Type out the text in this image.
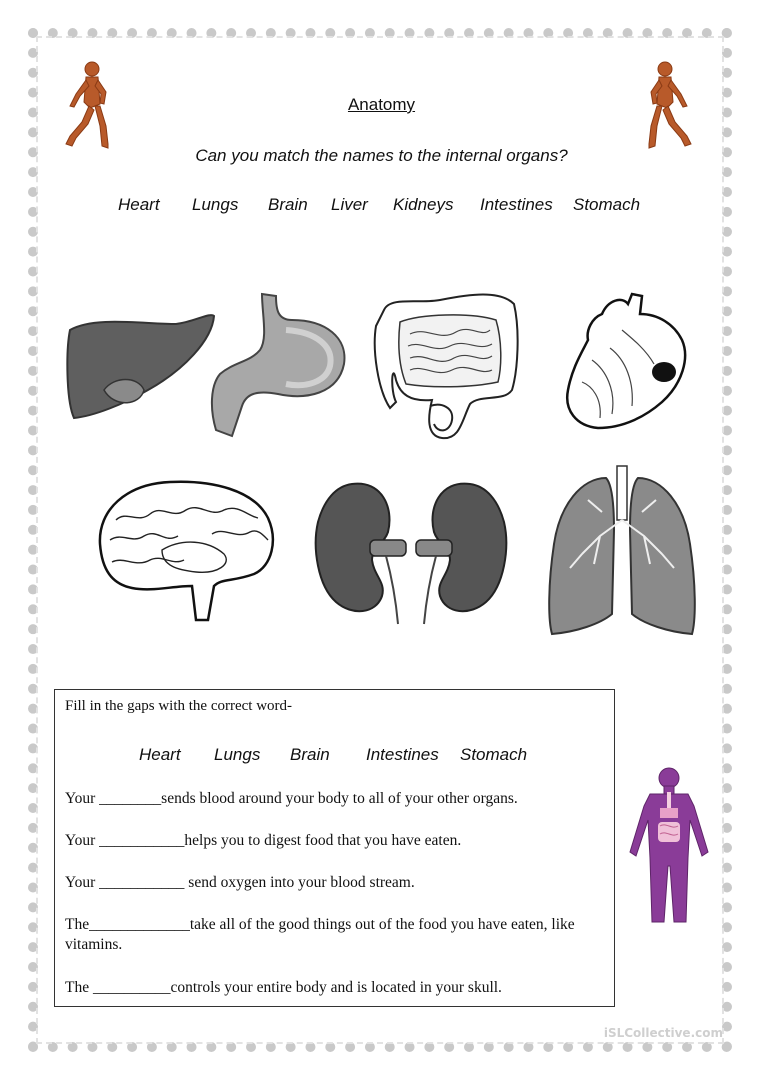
Anatomy
Can you match the names to the internal organs?
Heart Lungs Brain Liver Kidneys Intestines Stomach
Fill in the gaps with the correct word-
Heart Lungs Brain Intestines Stomach
Your ________sends blood around your body to all of your other organs.
Your ___________helps you to digest food that you have eaten.
Your ___________ send oxygen into your blood stream.
The_____________take all of the good things out of the food you have eaten, like vitamins.
The __________controls your entire body and is located in your skull.
iSLCollective.com
